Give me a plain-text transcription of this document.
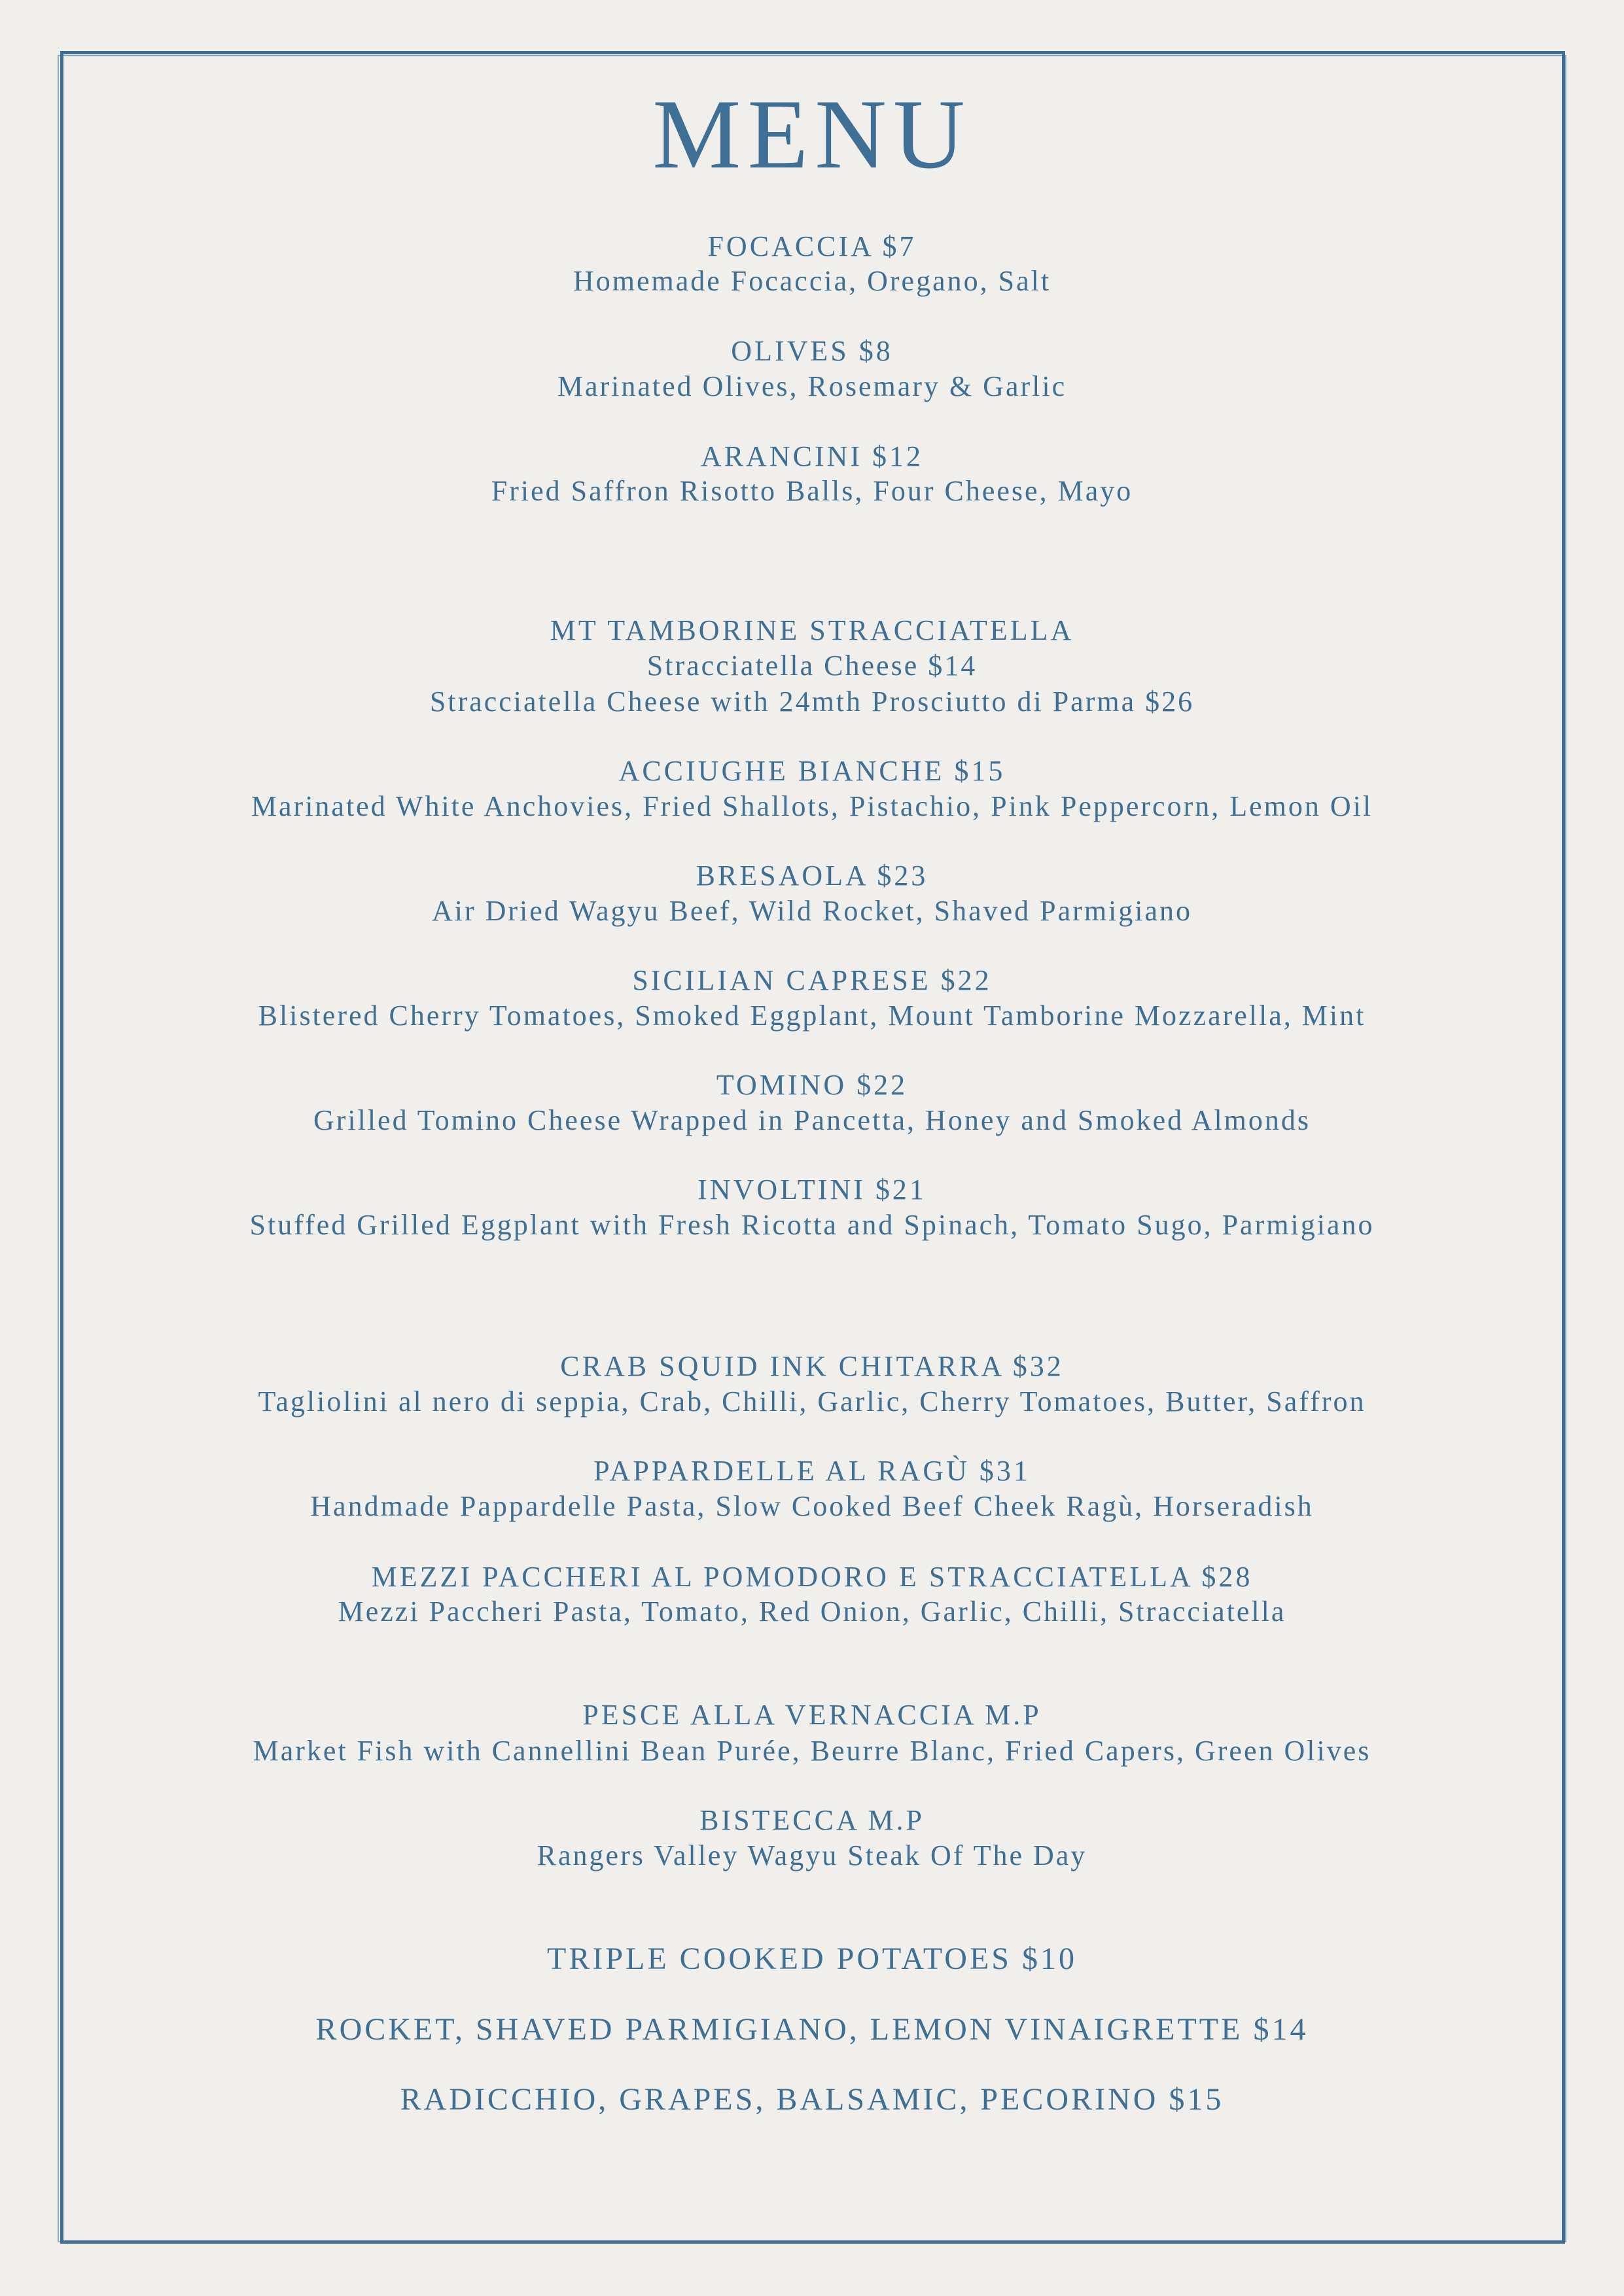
MENU
FOCACCIA $7
Homemade Focaccia, Oregano, Salt
OLIVES $8
Marinated Olives, Rosemary & Garlic
ARANCINI $12
Fried Saffron Risotto Balls, Four Cheese, Mayo
MT TAMBORINE STRACCIATELLA
Stracciatella Cheese $14
Stracciatella Cheese with 24mth Prosciutto di Parma $26
ACCIUGHE BIANCHE $15
Marinated White Anchovies, Fried Shallots, Pistachio, Pink Peppercorn, Lemon Oil
BRESAOLA $23
Air Dried Wagyu Beef, Wild Rocket, Shaved Parmigiano
SICILIAN CAPRESE $22
Blistered Cherry Tomatoes, Smoked Eggplant, Mount Tamborine Mozzarella, Mint
TOMINO $22
Grilled Tomino Cheese Wrapped in Pancetta, Honey and Smoked Almonds
INVOLTINI $21
Stuffed Grilled Eggplant with Fresh Ricotta and Spinach, Tomato Sugo, Parmigiano
CRAB SQUID INK CHITARRA $32
Tagliolini al nero di seppia, Crab, Chilli, Garlic, Cherry Tomatoes, Butter, Saffron
PAPPARDELLE AL RAGÙ $31
Handmade Pappardelle Pasta, Slow Cooked Beef Cheek Ragù, Horseradish
MEZZI PACCHERI AL POMODORO E STRACCIATELLA $28
Mezzi Paccheri Pasta, Tomato, Red Onion, Garlic, Chilli, Stracciatella
PESCE ALLA VERNACCIA M.P
Market Fish with Cannellini Bean Purée, Beurre Blanc, Fried Capers, Green Olives
BISTECCA M.P
Rangers Valley Wagyu Steak Of The Day
TRIPLE COOKED POTATOES $10
ROCKET, SHAVED PARMIGIANO, LEMON VINAIGRETTE $14
RADICCHIO, GRAPES, BALSAMIC, PECORINO $15
